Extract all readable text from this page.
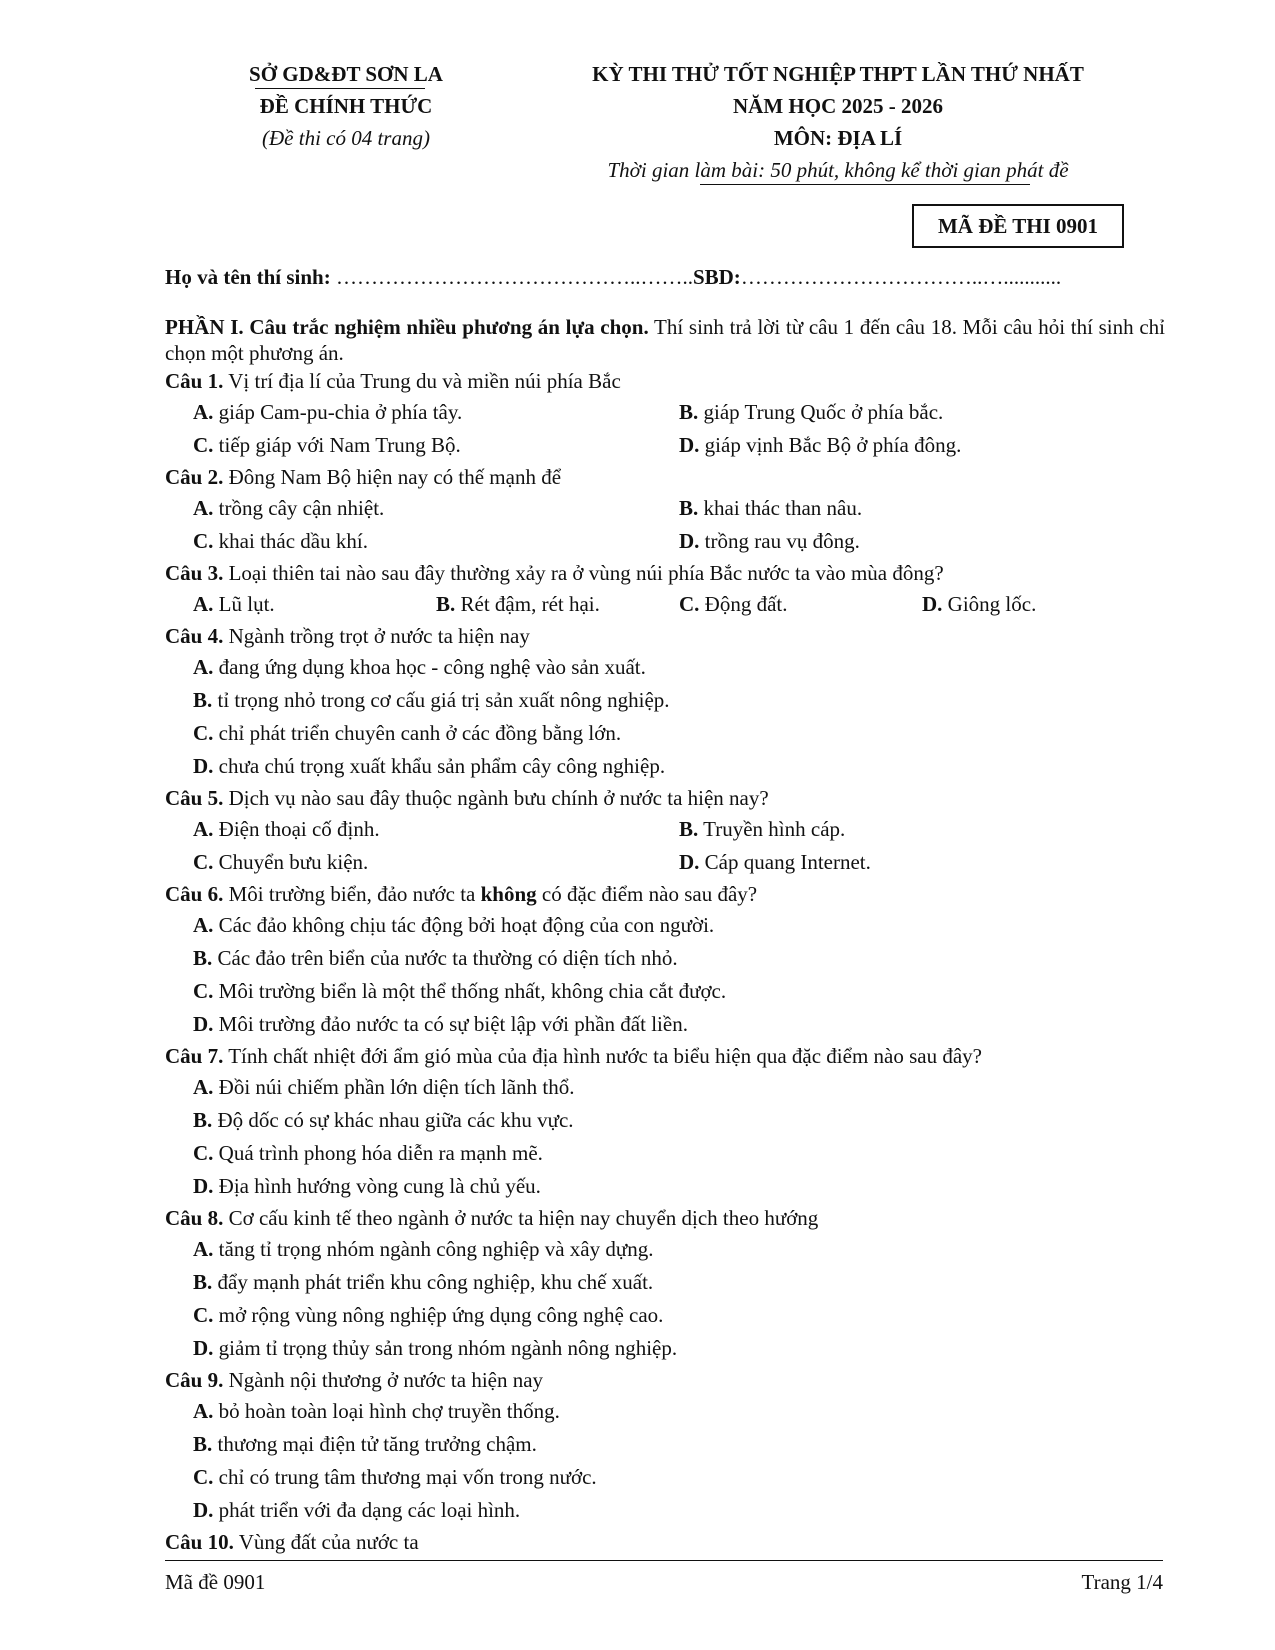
SỞ GD&ĐT SƠN LA
ĐỀ CHÍNH THỨC
(Đề thi có 04 trang)
KỲ THI THỬ TỐT NGHIỆP THPT LẦN THỨ NHẤT
NĂM HỌC 2025 - 2026
MÔN: ĐỊA LÍ
Thời gian làm bài: 50 phút, không kể thời gian phát đề
MÃ ĐỀ THI 0901
Họ và tên thí sinh: ……………………………………..……..SBD:……………………………..…...........
PHẦN I. Câu trắc nghiệm nhiều phương án lựa chọn. Thí sinh trả lời từ câu 1 đến câu 18. Mỗi câu hỏi thí sinh chỉ chọn một phương án.
Câu 1. Vị trí địa lí của Trung du và miền núi phía Bắc
A. giáp Cam-pu-chia ở phía tây.	B. giáp Trung Quốc ở phía bắc.
C. tiếp giáp với Nam Trung Bộ.	D. giáp vịnh Bắc Bộ ở phía đông.
Câu 2. Đông Nam Bộ hiện nay có thế mạnh để
A. trồng cây cận nhiệt.	B. khai thác than nâu.
C. khai thác dầu khí.	D. trồng rau vụ đông.
Câu 3. Loại thiên tai nào sau đây thường xảy ra ở vùng núi phía Bắc nước ta vào mùa đông?
A. Lũ lụt.	B. Rét đậm, rét hại.	C. Động đất.	D. Giông lốc.
Câu 4. Ngành trồng trọt ở nước ta hiện nay
A. đang ứng dụng khoa học - công nghệ vào sản xuất.
B. tỉ trọng nhỏ trong cơ cấu giá trị sản xuất nông nghiệp.
C. chỉ phát triển chuyên canh ở các đồng bằng lớn.
D. chưa chú trọng xuất khẩu sản phẩm cây công nghiệp.
Câu 5. Dịch vụ nào sau đây thuộc ngành bưu chính ở nước ta hiện nay?
A. Điện thoại cố định.	B. Truyền hình cáp.
C. Chuyển bưu kiện.	D. Cáp quang Internet.
Câu 6. Môi trường biển, đảo nước ta không có đặc điểm nào sau đây?
A. Các đảo không chịu tác động bởi hoạt động của con người.
B. Các đảo trên biển của nước ta thường có diện tích nhỏ.
C. Môi trường biển là một thể thống nhất, không chia cắt được.
D. Môi trường đảo nước ta có sự biệt lập với phần đất liền.
Câu 7. Tính chất nhiệt đới ẩm gió mùa của địa hình nước ta biểu hiện qua đặc điểm nào sau đây?
A. Đồi núi chiếm phần lớn diện tích lãnh thổ.
B. Độ dốc có sự khác nhau giữa các khu vực.
C. Quá trình phong hóa diễn ra mạnh mẽ.
D. Địa hình hướng vòng cung là chủ yếu.
Câu 8. Cơ cấu kinh tế theo ngành ở nước ta hiện nay chuyển dịch theo hướng
A. tăng tỉ trọng nhóm ngành công nghiệp và xây dựng.
B. đẩy mạnh phát triển khu công nghiệp, khu chế xuất.
C. mở rộng vùng nông nghiệp ứng dụng công nghệ cao.
D. giảm tỉ trọng thủy sản trong nhóm ngành nông nghiệp.
Câu 9. Ngành nội thương ở nước ta hiện nay
A. bỏ hoàn toàn loại hình chợ truyền thống.
B. thương mại điện tử tăng trưởng chậm.
C. chỉ có trung tâm thương mại vốn trong nước.
D. phát triển với đa dạng các loại hình.
Câu 10. Vùng đất của nước ta
Mã đề 0901	Trang 1/4
